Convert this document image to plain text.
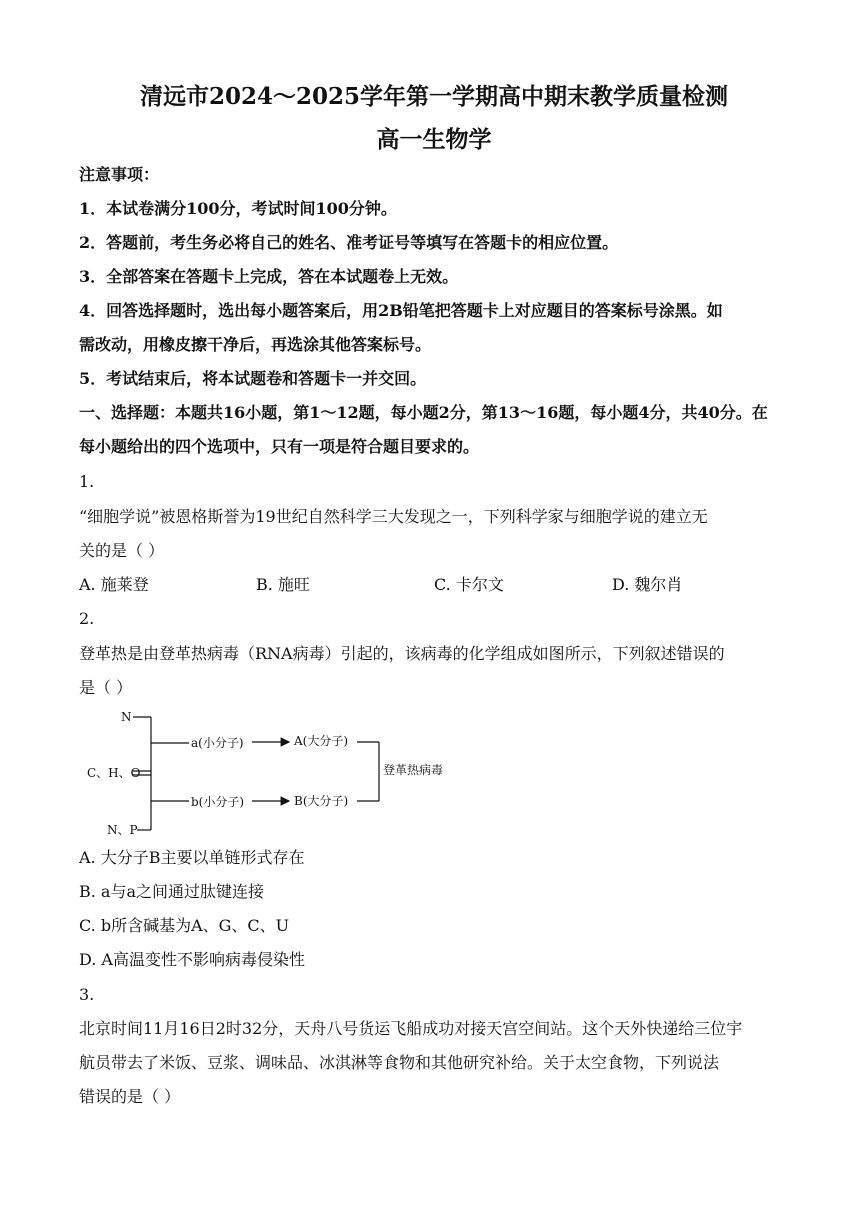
清远市2024～2025学年第一学期高中期末教学质量检测
高一生物学
注意事项：
1．本试卷满分100分，考试时间100分钟。
2．答题前，考生务必将自己的姓名、准考证号等填写在答题卡的相应位置。
3．全部答案在答题卡上完成，答在本试题卷上无效。
4．回答选择题时，选出每小题答案后，用2B铅笔把答题卡上对应题目的答案标号涂黑。如
需改动，用橡皮擦干净后，再选涂其他答案标号。
5．考试结束后，将本试题卷和答题卡一并交回。
一、选择题：本题共16小题，第1～12题，每小题2分，第13～16题，每小题4分，共40分。在
每小题给出的四个选项中，只有一项是符合题目要求的。
1.
“细胞学说”被恩格斯誉为19世纪自然科学三大发现之一，下列科学家与细胞学说的建立无
关的是（ ）
A. 施莱登	B. 施旺	C. 卡尔文	D. 魏尔肖
2.
登革热是由登革热病毒（RNA病毒）引起的，该病毒的化学组成如图所示，下列叙述错误的
是（ ）
N
C、H、O
N、P
a(小分子)
b(小分子)
A(大分子)
B(大分子)
登革热病毒
A. 大分子B主要以单链形式存在
B. a与a之间通过肽键连接
C. b所含碱基为A、G、C、U
D. A高温变性不影响病毒侵染性
3.
北京时间11月16日2时32分，天舟八号货运飞船成功对接天宫空间站。这个天外快递给三位宇
航员带去了米饭、豆浆、调味品、冰淇淋等食物和其他研究补给。关于太空食物，下列说法
错误的是（ ）
